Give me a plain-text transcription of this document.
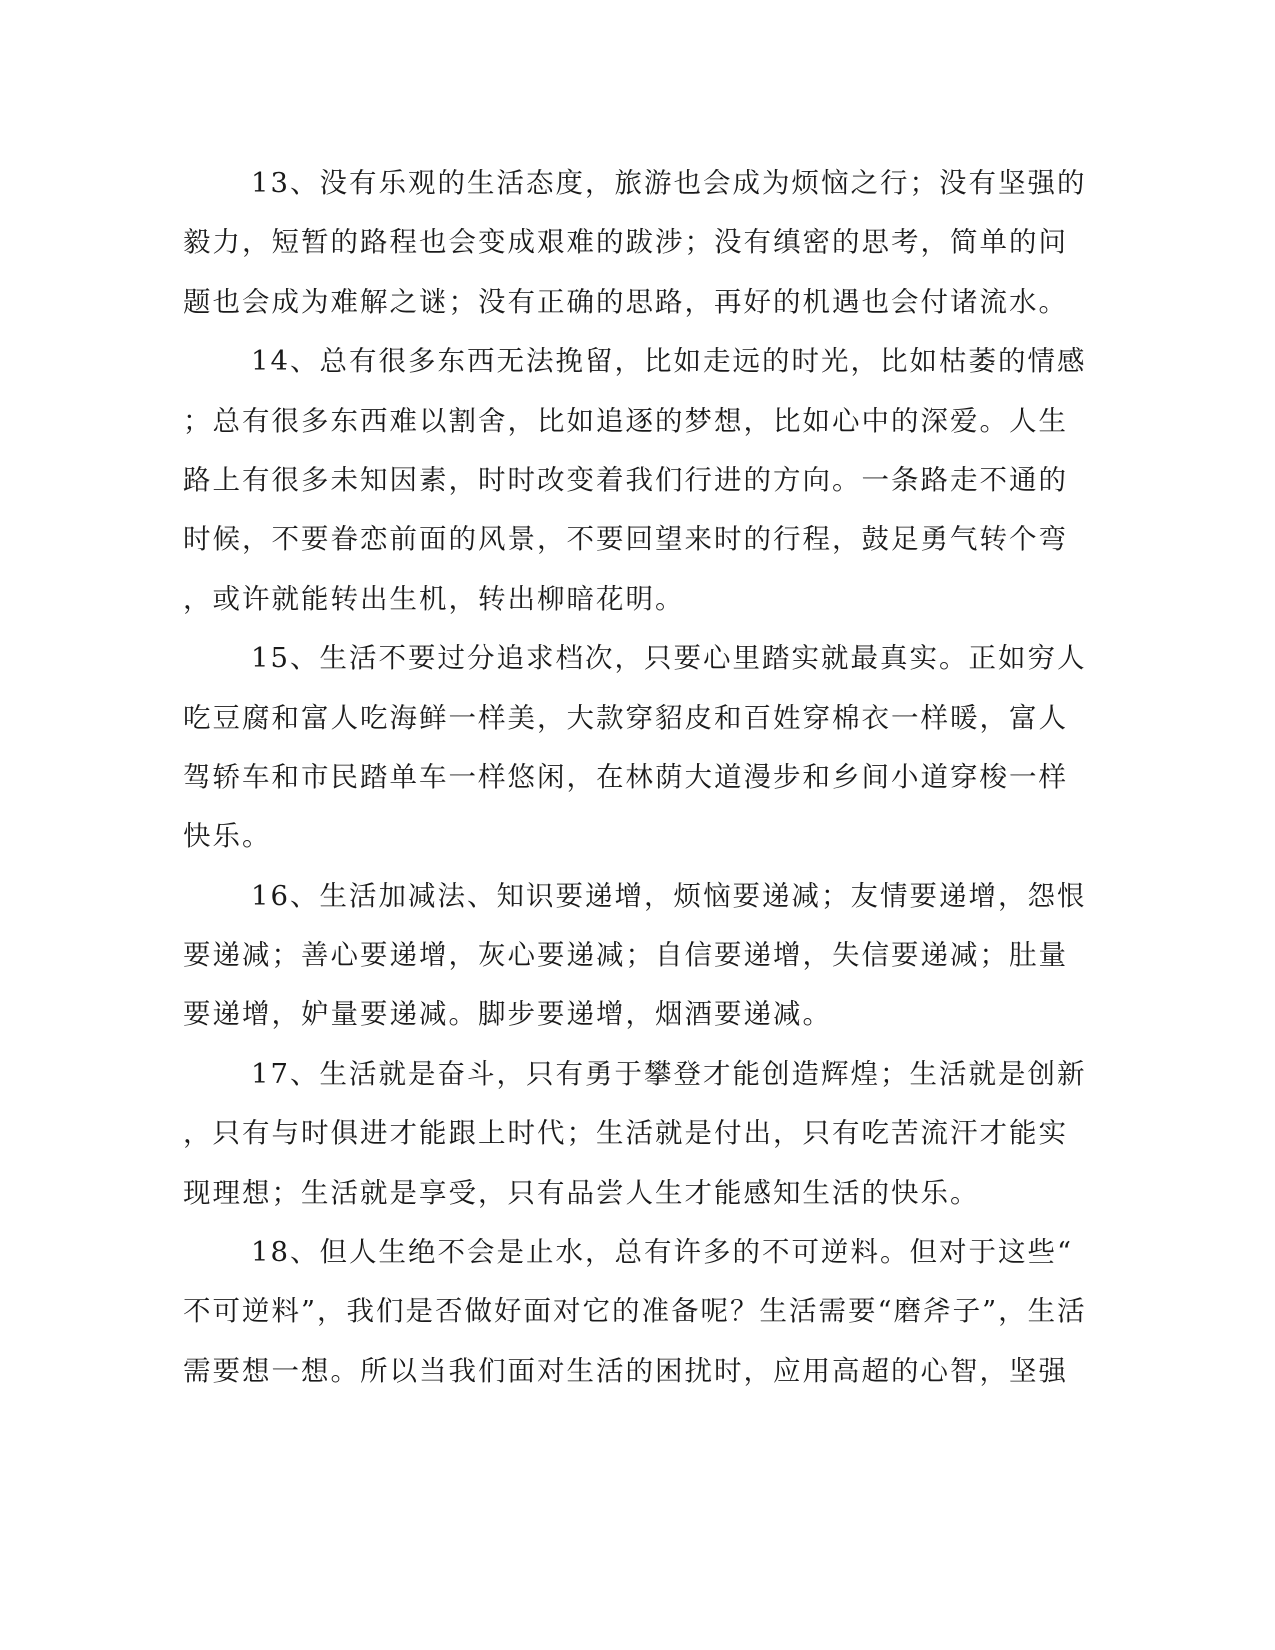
13、没有乐观的生活态度，旅游也会成为烦恼之行；没有坚强的
毅力，短暂的路程也会变成艰难的跋涉；没有缜密的思考，简单的问
题也会成为难解之谜；没有正确的思路，再好的机遇也会付诸流水。
14、总有很多东西无法挽留，比如走远的时光，比如枯萎的情感
；总有很多东西难以割舍，比如追逐的梦想，比如心中的深爱。人生
路上有很多未知因素，时时改变着我们行进的方向。一条路走不通的
时候，不要眷恋前面的风景，不要回望来时的行程，鼓足勇气转个弯
，或许就能转出生机，转出柳暗花明。
15、生活不要过分追求档次，只要心里踏实就最真实。正如穷人
吃豆腐和富人吃海鲜一样美，大款穿貂皮和百姓穿棉衣一样暖，富人
驾轿车和市民踏单车一样悠闲，在林荫大道漫步和乡间小道穿梭一样
快乐。
16、生活加减法、知识要递增，烦恼要递减；友情要递增，怨恨
要递减；善心要递增，灰心要递减；自信要递增，失信要递减；肚量
要递增，妒量要递减。脚步要递增，烟酒要递减。
17、生活就是奋斗，只有勇于攀登才能创造辉煌；生活就是创新
，只有与时俱进才能跟上时代；生活就是付出，只有吃苦流汗才能实
现理想；生活就是享受，只有品尝人生才能感知生活的快乐。
18、但人生绝不会是止水，总有许多的不可逆料。但对于这些“
不可逆料”，我们是否做好面对它的准备呢？生活需要“磨斧子”，生活
需要想一想。所以当我们面对生活的困扰时，应用高超的心智，坚强
